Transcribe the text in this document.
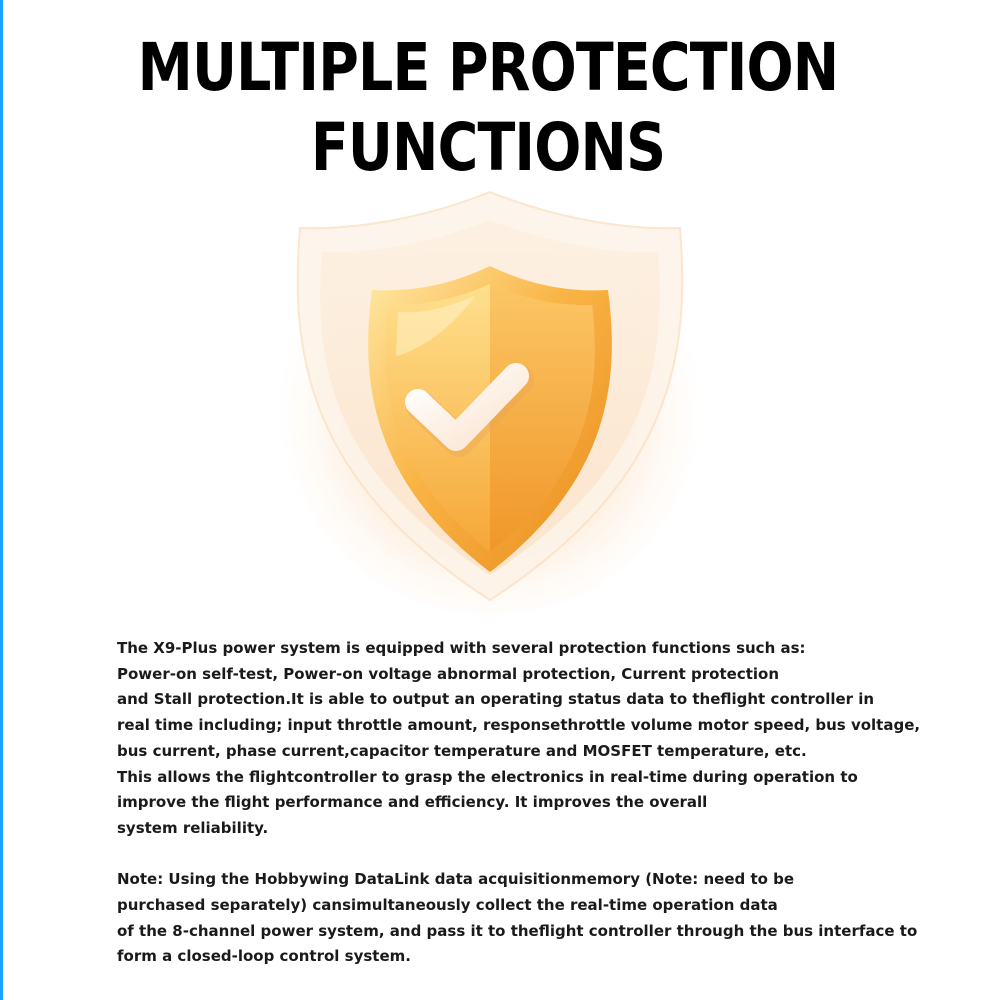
MULTIPLE PROTECTION
FUNCTIONS
The X9-Plus power system is equipped with several protection functions such as:
Power-on self-test, Power-on voltage abnormal protection, Current protection
and Stall protection.It is able to output an operating status data to theflight controller in
real time including; input throttle amount, responsethrottle volume motor speed, bus voltage,
bus current, phase current,capacitor temperature and MOSFET temperature, etc.
This allows the flightcontroller to grasp the electronics in real-time during operation to
improve the flight performance and efficiency. It improves the overall
system reliability.
Note: Using the Hobbywing DataLink data acquisitionmemory (Note: need to be
purchased separately) cansimultaneously collect the real-time operation data
of the 8-channel power system, and pass it to theflight controller through the bus interface to
form a closed-loop control system.
